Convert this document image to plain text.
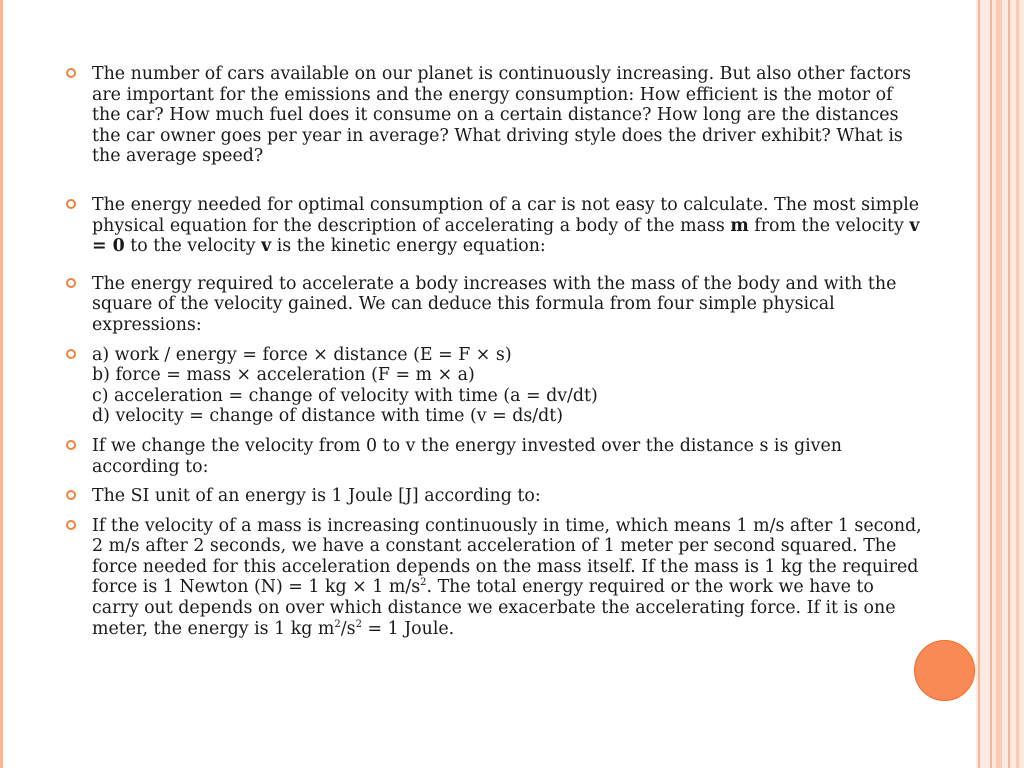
The number of cars available on our planet is continuously increasing. But also other factors are important for the emissions and the energy consumption: How efficient is the motor of the car? How much fuel does it consume on a certain distance? How long are the distances the car owner goes per year in average? What driving style does the driver exhibit? What is the average speed?
The energy needed for optimal consumption of a car is not easy to calculate. The most simple physical equation for the description of accelerating a body of the mass m from the velocity v = 0 to the velocity v is the kinetic energy equation:
The energy required to accelerate a body increases with the mass of the body and with the square of the velocity gained. We can deduce this formula from four simple physical expressions:
a) work / energy = force × distance (E = F × s)
b) force = mass × acceleration (F = m × a)
c) acceleration = change of velocity with time (a = dv/dt)
d) velocity = change of distance with time (v = ds/dt)
If we change the velocity from 0 to v the energy invested over the distance s is given according to:
The SI unit of an energy is 1 Joule [J] according to:
If the velocity of a mass is increasing continuously in time, which means 1 m/s after 1 second, 2 m/s after 2 seconds, we have a constant acceleration of 1 meter per second squared. The force needed for this acceleration depends on the mass itself. If the mass is 1 kg the required force is 1 Newton (N) = 1 kg × 1 $m/s^2$. The total energy required or the work we have to carry out depends on over which distance we exacerbate the accelerating force. If it is one meter, the energy is 1 kg $m^2/s^2 = 1$ Joule.
